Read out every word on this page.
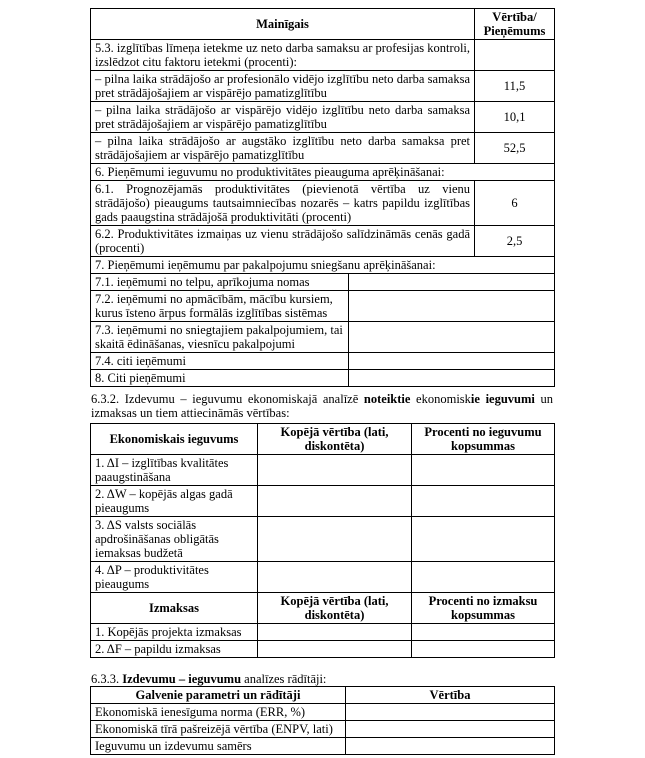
Mainīgais		Vērtība/ Pieņēmums
5.3. izglītības līmeņa ietekme uz neto darba samaksu ar profesijas kontroli, izslēdzot citu faktoru ietekmi (procenti):		
– pilna laika strādājošo ar profesionālo vidējo izglītību neto darba samaksa pret strādājošajiem ar vispārējo pamatizglītību		11,5
– pilna laika strādājošo ar vispārējo vidējo izglītību neto darba samaksa pret strādājošajiem ar vispārējo pamatizglītību		10,1
– pilna laika strādājošo ar augstāko izglītību neto darba samaksa pret strādājošajiem ar vispārējo pamatizglītību		52,5
6. Pieņēmumi ieguvumu no produktivitātes pieauguma aprēķināšanai:		
6.1. Prognozējamās produktivitātes (pievienotā vērtība uz vienu strādājošo) pieaugums tautsaimniecības nozarēs – katrs papildu izglītības gads paaugstina strādājošā produktivitāti (procenti)		6
6.2. Produktivitātes izmaiņas uz vienu strādājošo salīdzināmās cenās gadā (procenti)		2,5
7. Pieņēmumi ieņēmumu par pakalpojumu sniegšanu aprēķināšanai:		
7.1. ieņēmumi no telpu, aprīkojuma nomas		
7.2. ieņēmumi no apmācībām, mācību kursiem, kurus īsteno ārpus formālās izglītības sistēmas		
7.3. ieņēmumi no sniegtajiem pakalpojumiem, tai skaitā ēdināšanas, viesnīcu pakalpojumi		
7.4. citi ieņēmumi		
8. Citi pieņēmumi		
6.3.2. Izdevumu – ieguvumu ekonomiskajā analīzē noteiktie ekonomiskie ieguvumi un izmaksas un tiem attiecināmās vērtības:
Ekonomiskais ieguvums	Kopējā vērtība (lati, diskontēta)	Procenti no ieguvumu kopsummas
1. ΔI – izglītības kvalitātes paaugstināšana		
2. ΔW – kopējās algas gadā pieaugums		
3. ΔS valsts sociālās apdrošināšanas obligātās iemaksas budžetā		
4. ΔP – produktivitātes pieaugums		
Izmaksas	Kopējā vērtība (lati, diskontēta)	Procenti no izmaksu kopsummas
1. Kopējās projekta izmaksas		
2. ΔF – papildu izmaksas		
6.3.3. Izdevumu – ieguvumu analīzes rādītāji:
Galvenie parametri un rādītāji	Vērtība
Ekonomiskā ienesīguma norma (ERR, %)	
Ekonomiskā tīrā pašreizējā vērtība (ENPV, lati)	
Ieguvumu un izdevumu samērs	
